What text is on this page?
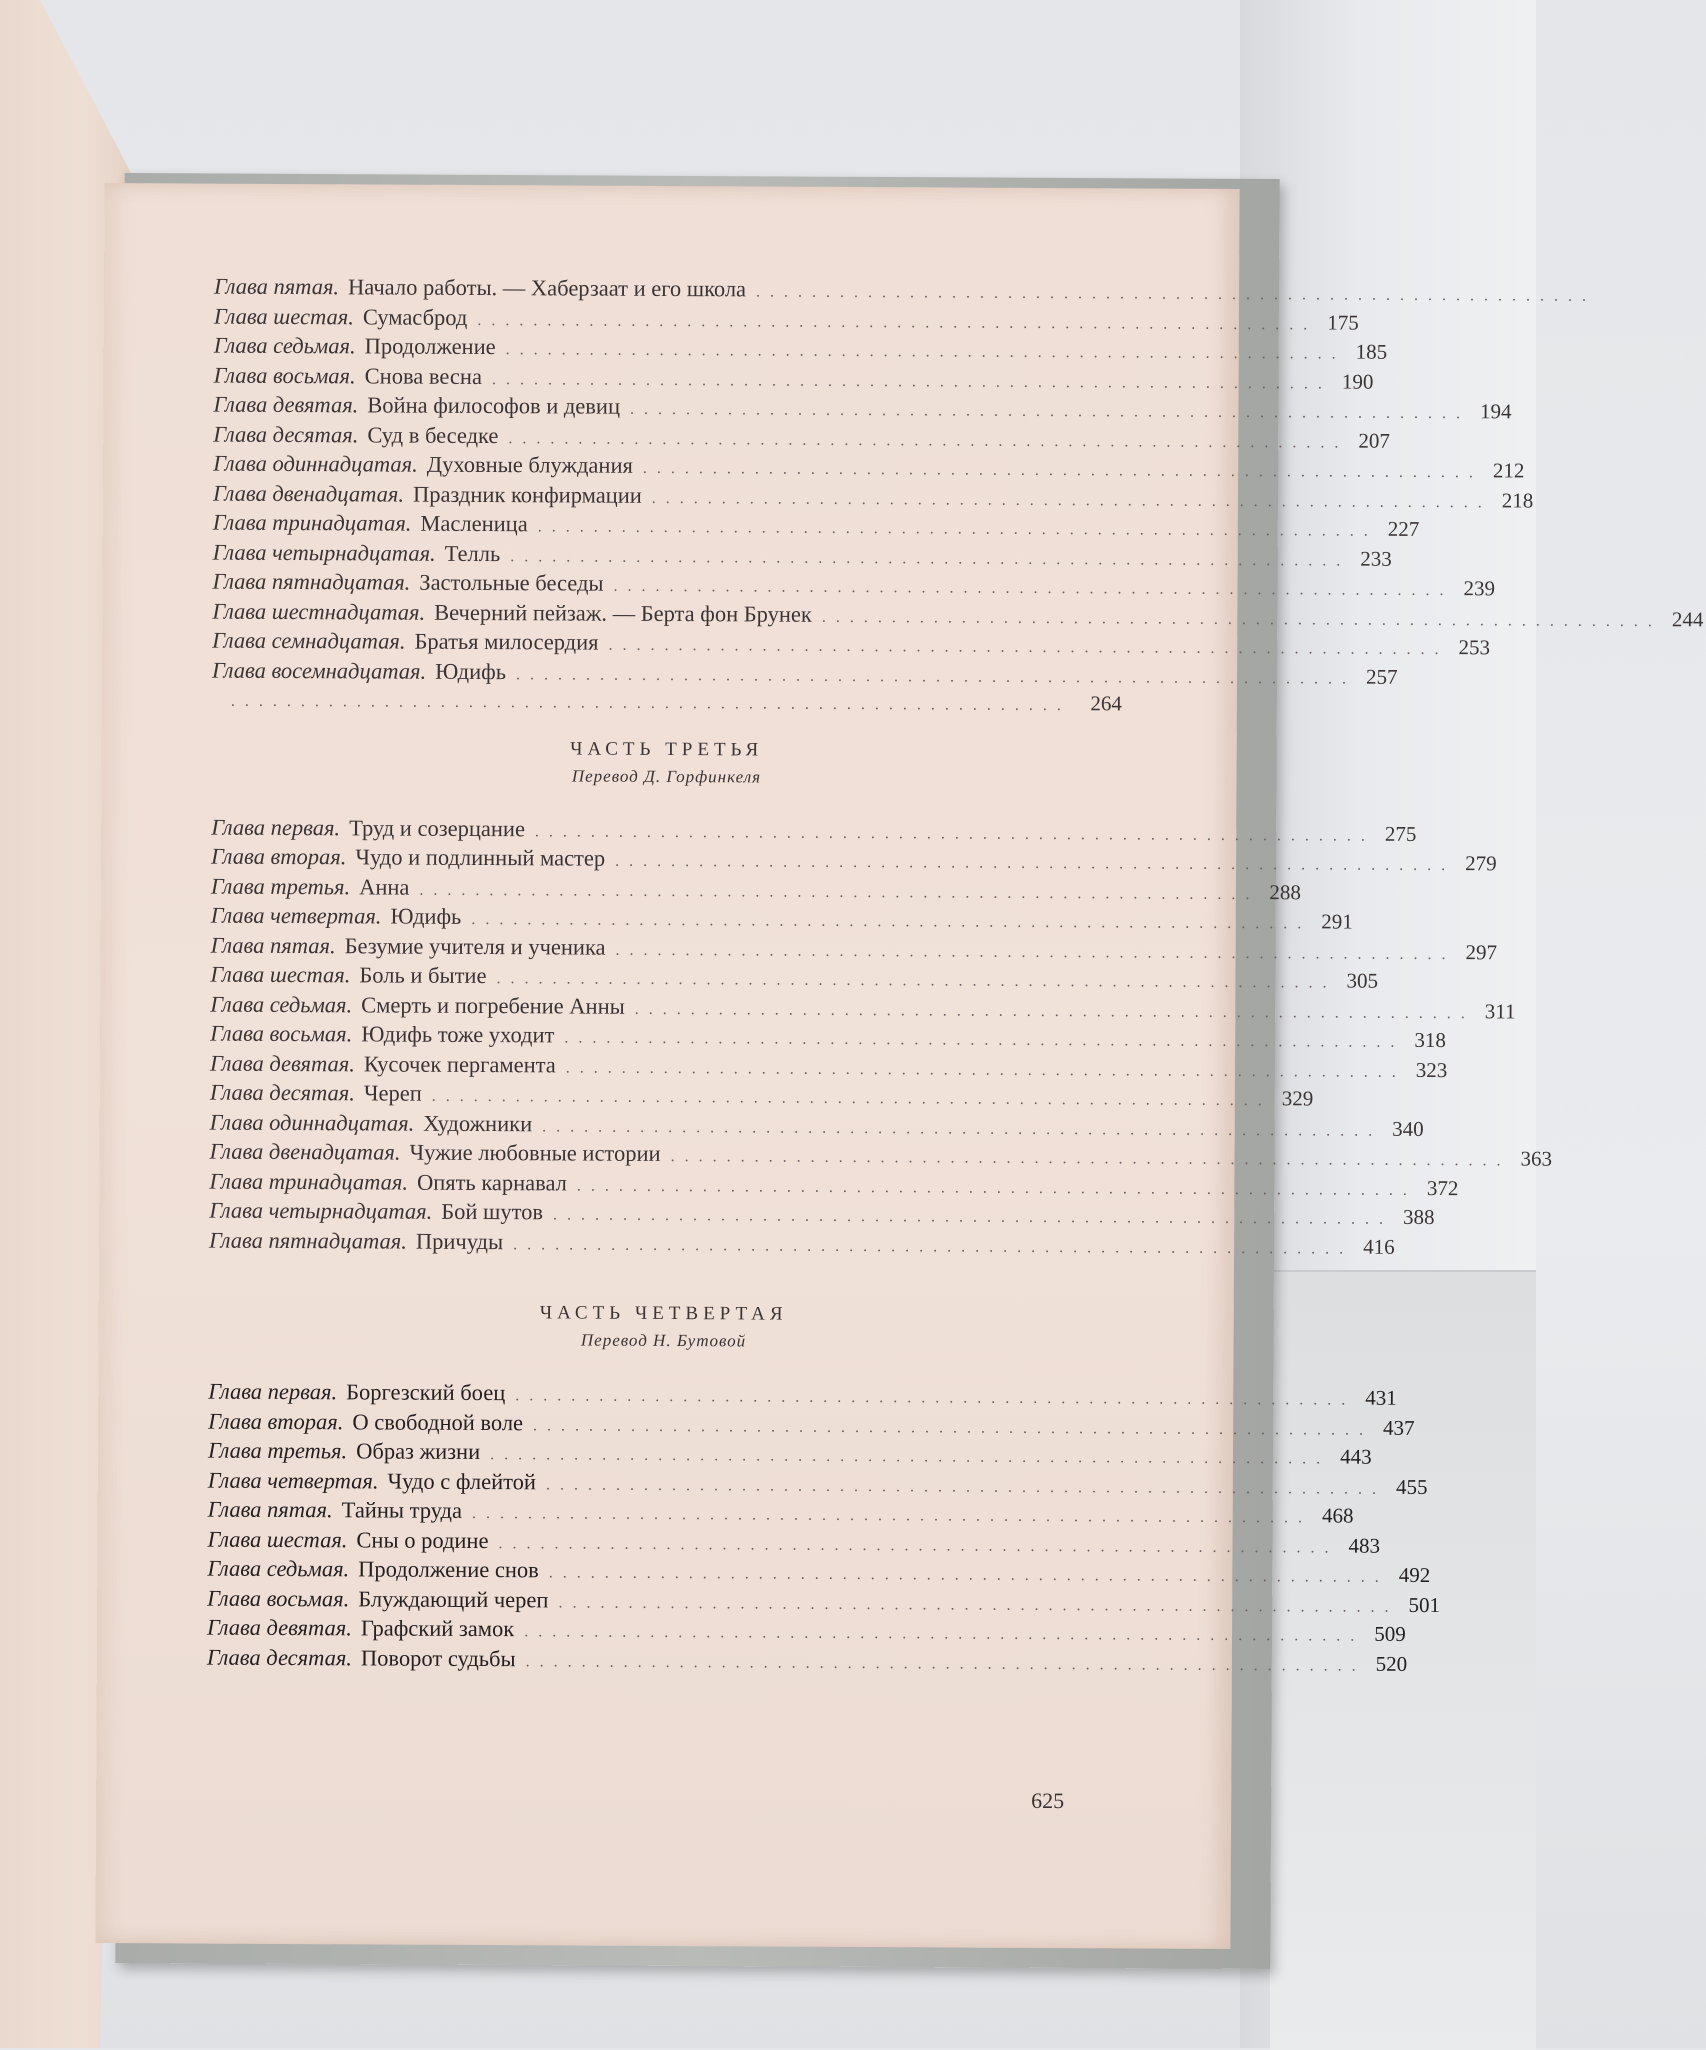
Глава пятая. Начало работы. — Хаберзаат и его школа ............................................................
Глава шестая. Сумасброд ............................................................ 175
Глава седьмая. Продолжение ............................................................ 185
Глава восьмая. Снова весна ............................................................ 190
Глава девятая. Война философов и девиц ............................................................ 194
Глава десятая. Суд в беседке ............................................................ 207
Глава одиннадцатая. Духовные блуждания ............................................................ 212
Глава двенадцатая. Праздник конфирмации ............................................................ 218
Глава тринадцатая. Масленица ............................................................ 227
Глава четырнадцатая. Телль ............................................................ 233
Глава пятнадцатая. Застольные беседы ............................................................ 239
Глава шестнадцатая. Вечерний пейзаж. — Берта фон Брунек ............................................................ 244
Глава семнадцатая. Братья милосердия ............................................................ 253
Глава восемнадцатая. Юдифь ............................................................ 257
............................................................ 264
ЧАСТЬ ТРЕТЬЯ
Перевод Д. Горфинкеля
Глава первая. Труд и созерцание ............................................................ 275
Глава вторая. Чудо и подлинный мастер ............................................................ 279
Глава третья. Анна ............................................................ 288
Глава четвертая. Юдифь ............................................................ 291
Глава пятая. Безумие учителя и ученика ............................................................ 297
Глава шестая. Боль и бытие ............................................................ 305
Глава седьмая. Смерть и погребение Анны ............................................................ 311
Глава восьмая. Юдифь тоже уходит ............................................................ 318
Глава девятая. Кусочек пергамента ............................................................ 323
Глава десятая. Череп ............................................................ 329
Глава одиннадцатая. Художники ............................................................ 340
Глава двенадцатая. Чужие любовные истории ............................................................ 363
Глава тринадцатая. Опять карнавал ............................................................ 372
Глава четырнадцатая. Бой шутов ............................................................ 388
Глава пятнадцатая. Причуды ............................................................ 416
ЧАСТЬ ЧЕТВЕРТАЯ
Перевод Н. Бутовой
Глава первая. Боргезский боец ............................................................ 431
Глава вторая. О свободной воле ............................................................ 437
Глава третья. Образ жизни ............................................................ 443
Глава четвертая. Чудо с флейтой ............................................................ 455
Глава пятая. Тайны труда ............................................................ 468
Глава шестая. Сны о родине ............................................................ 483
Глава седьмая. Продолжение снов ............................................................ 492
Глава восьмая. Блуждающий череп ............................................................ 501
Глава девятая. Графский замок ............................................................ 509
Глава десятая. Поворот судьбы ............................................................ 520
625
